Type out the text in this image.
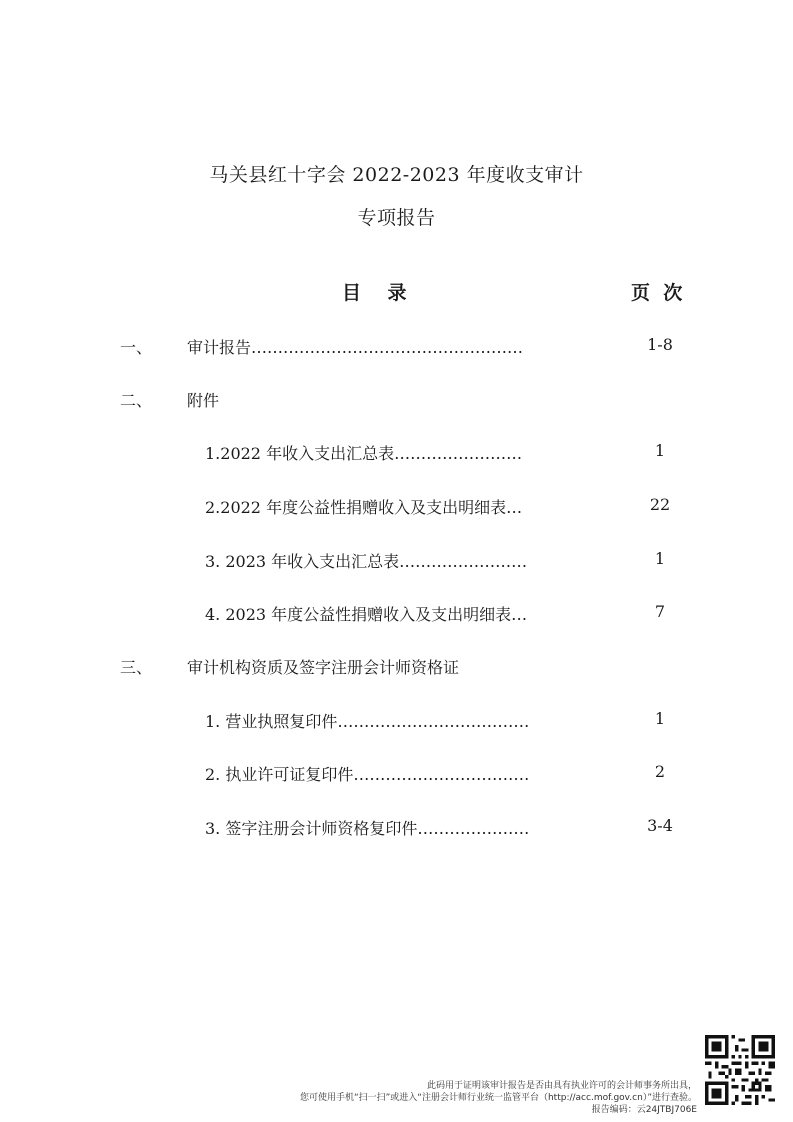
马关县红十字会 2022-2023 年度收支审计
专项报告
目    录	页  次
一、 审计报告……………………………………………	1-8
二、 附件
1.2022 年收入支出汇总表……………………	1
2.2022 年度公益性捐赠收入及支出明细表…	22
3. 2023 年收入支出汇总表……………………	1
4. 2023 年度公益性捐赠收入及支出明细表…	7
三、 审计机构资质及签字注册会计师资格证
1. 营业执照复印件………………………………	1
2. 执业许可证复印件……………………………	2
3. 签字注册会计师资格复印件…………………	3-4
此码用于证明该审计报告是否由具有执业许可的会计师事务所出具，
您可使用手机“扫一扫”或进入“注册会计师行业统一监管平台（http://acc.mof.gov.cn）”进行查验。
报告编码：云24JTBJ706E
